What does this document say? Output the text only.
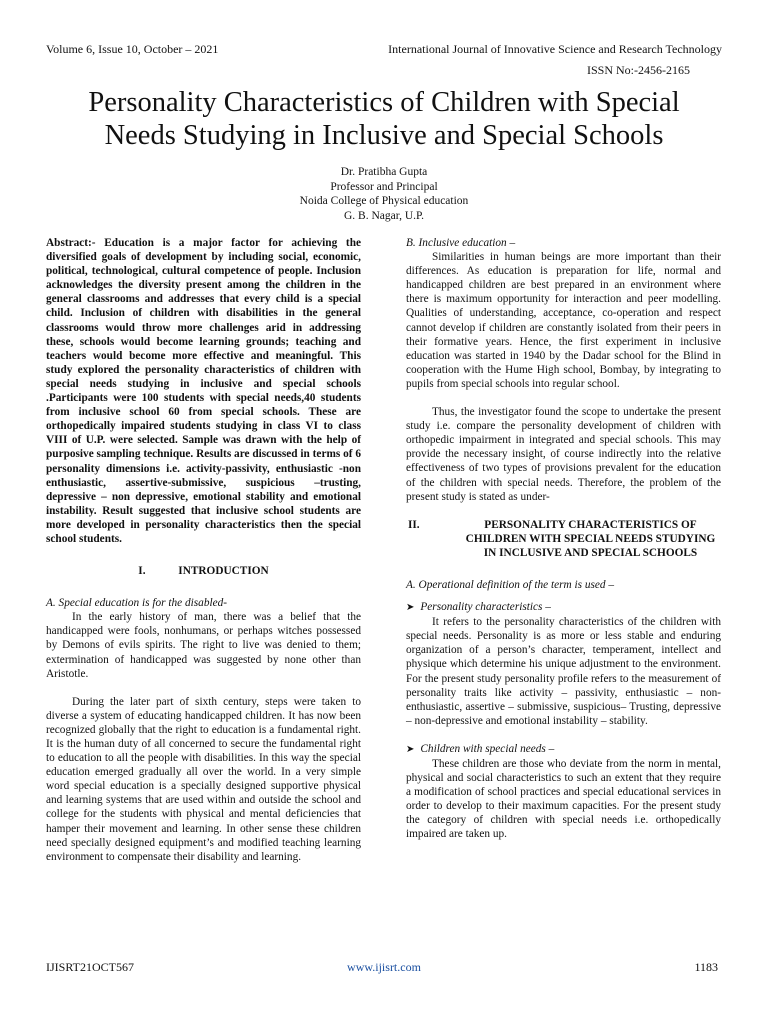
Volume 6, Issue 10, October – 2021	International Journal of Innovative Science and Research Technology
ISSN No:-2456-2165
Personality Characteristics of Children with Special
Needs Studying in Inclusive and Special Schools
Dr. Pratibha Gupta
Professor and Principal
Noida College of Physical education
G. B. Nagar, U.P.

Abstract:- Education is a major factor for achieving the diversified goals of development by including social, economic, political, technological, cultural competence of people. Inclusion acknowledges the diversity present among the children in the general classrooms and addresses that every child is a special child. Inclusion of children with disabilities in the general classrooms would throw more challenges arid in addressing these, schools would become learning grounds; teaching and teachers would become more effective and meaningful. This study explored the personality characteristics of children with special needs studying in inclusive and special schools .Participants were 100 students with special needs,40 students from inclusive school 60 from special schools. These are orthopedically impaired students studying in class VI to class VIII of U.P. were selected. Sample was drawn with the help of purposive sampling technique. Results are discussed in terms of 6 personality dimensions i.e. activity-passivity, enthusiastic -non enthusiastic, assertive-submissive, suspicious –trusting, depressive – non depressive, emotional stability and emotional instability. Result suggested that inclusive school students are more developed in personality characteristics then the special school students.

I.	INTRODUCTION

A. Special education is for the disabled-

In the early history of man, there was a belief that the handicapped were fools, nonhumans, or perhaps witches possessed by Demons of evils spirits. The right to live was denied to them; extermination of handicapped was suggested by none other than Aristotle.

During the later part of sixth century, steps were taken to diverse a system of educating handicapped children. It has now been recognized globally that the right to education is a fundamental right. It is the human duty of all concerned to secure the fundamental right to education to all the people with disabilities. In this way the special education emerged gradually all over the world. In a very simple word special education is a specially designed supportive physical and learning systems that are used within and outside the school and college for the students with physical and mental deficiencies that hamper their movement and learning. In other sense these children need specially designed equipment’s and modified teaching learning environment to compensate their disability and learning.

B. Inclusive education –

Similarities in human beings are more important than their differences. As education is preparation for life, normal and handicapped children are best prepared in an environment where there is maximum opportunity for interaction and peer modelling. Qualities of understanding, acceptance, co-operation and respect cannot develop if children are constantly isolated from their peers in their formative years. Hence, the first experiment in inclusive education was started in 1940 by the Dadar school for the Blind in cooperation with the Hume High school, Bombay, by integrating to pupils from special schools into regular school.

Thus, the investigator found the scope to undertake the present study i.e. compare the personality development of children with orthopedic impairment in integrated and special schools. This may provide the necessary insight, of course indirectly into the relative effectiveness of two types of provisions prevalent for the education of the children with special needs. Therefore, the problem of the present study is stated as under-

II.	PERSONALITY CHARACTERISTICS OF CHILDREN WITH SPECIAL NEEDS STUDYING IN INCLUSIVE AND SPECIAL SCHOOLS

A. Operational definition of the term is used –

➤ Personality characteristics –

It refers to the personality characteristics of the children with special needs. Personality is as more or less stable and enduring organization of a person’s character, temperament, intellect and physique which determine his unique adjustment to the environment. For the present study personality profile refers to the measurement of personality traits like activity – passivity, enthusiastic – non-enthusiastic, assertive – submissive, suspicious– Trusting, depressive – non-depressive and emotional instability – stability.

➤ Children with special needs –

These children are those who deviate from the norm in mental, physical and social characteristics to such an extent that they require a modification of school practices and special educational services in order to develop to their maximum capacities. For the present study the category of children with special needs i.e. orthopedically impaired are taken up.

IJISRT21OCT567	www.ijisrt.com	1183
